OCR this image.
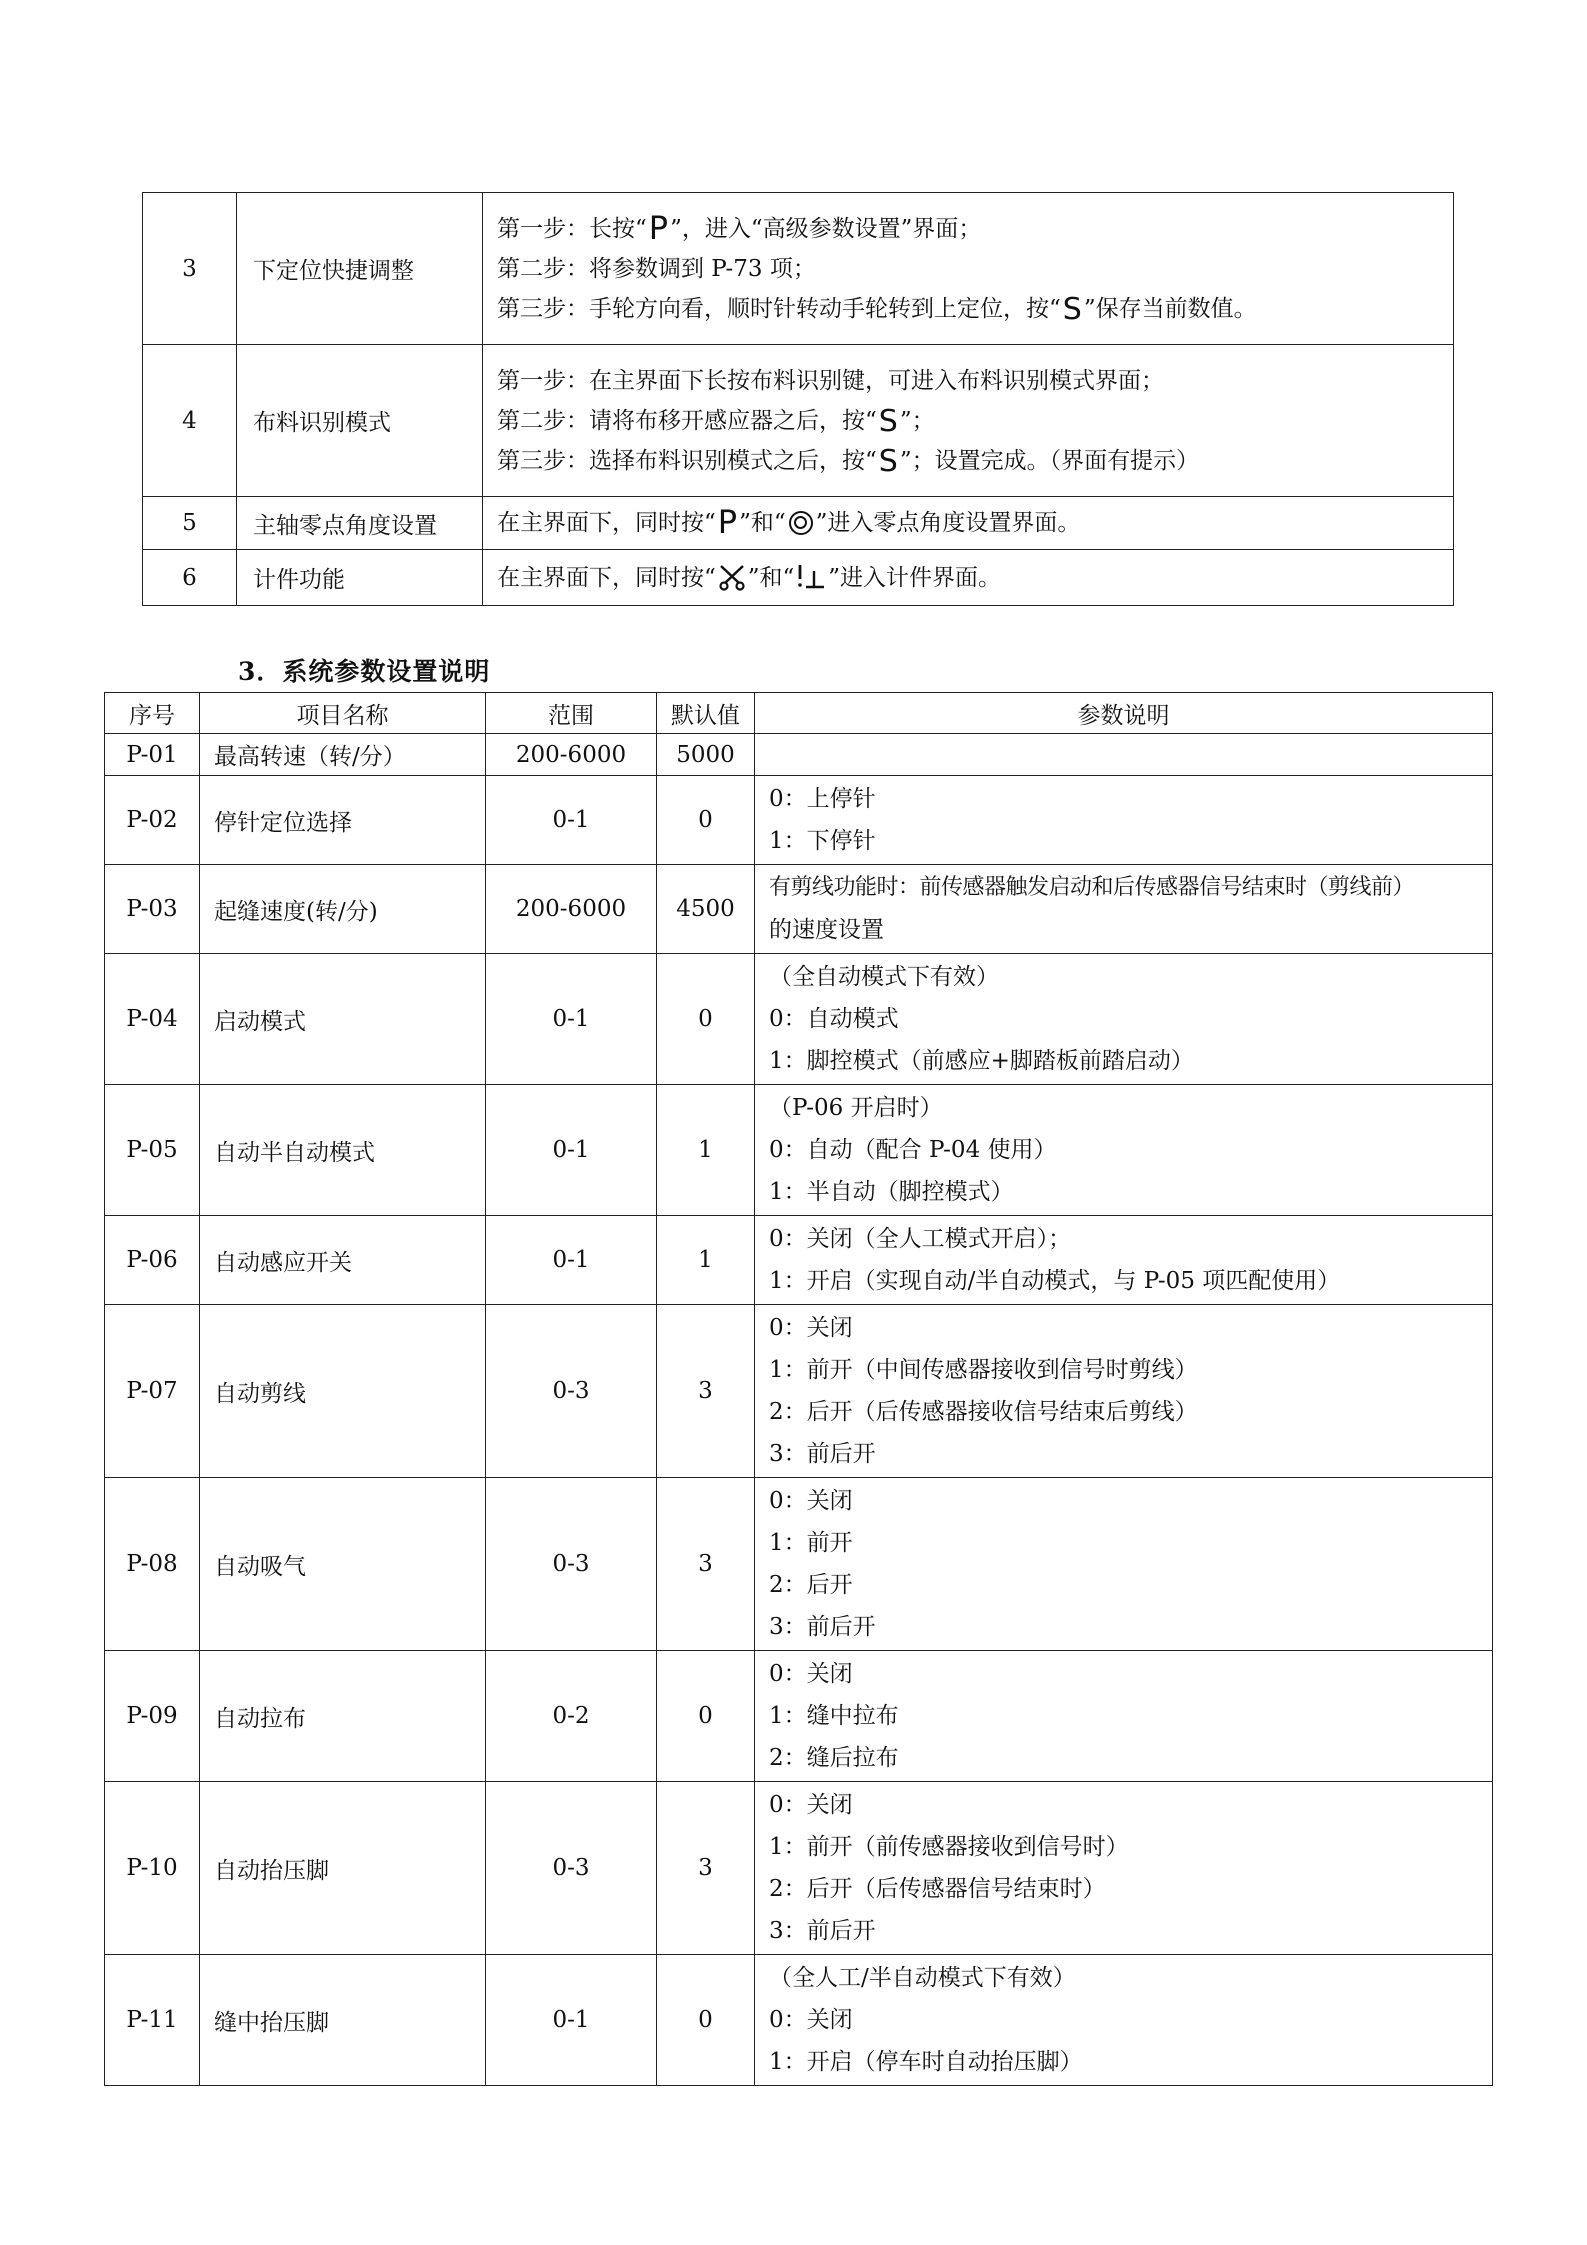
3	下定位快捷调整	第一步：长按“P”，进入“高级参数设置”界面；
第二步：将参数调到 P-73 项；
第三步：手轮方向看，顺时针转动手轮转到上定位，按“S”保存当前数值。

4	布料识别模式	第一步：在主界面下长按布料识别键，可进入布料识别模式界面；
第二步：请将布移开感应器之后，按“S”；
第三步：选择布料识别模式之后，按“S”；设置完成。（界面有提示）

5	主轴零点角度设置	在主界面下，同时按“P”和“ ”进入零点角度设置界面。

6	计件功能	在主界面下，同时按“ ”和“ ”进入计件界面。
3．系统参数设置说明
序号	项目名称	范围	默认值	参数说明
P-01	最高转速（转/分）	200-6000	5000	
P-02	停针定位选择	0-1	0	0：上停针
1：下停针

P-03	起缝速度(转/分)	200-6000	4500	有剪线功能时：前传感器触发启动和后传感器信号结束时（剪线前）
的速度设置

P-04	启动模式	0-1	0	（全自动模式下有效）
0：自动模式
1：脚控模式（前感应+脚踏板前踏启动）

P-05	自动半自动模式	0-1	1	（P-06 开启时）
0：自动（配合 P-04 使用）
1：半自动（脚控模式）

P-06	自动感应开关	0-1	1	0：关闭（全人工模式开启）；
1：开启（实现自动/半自动模式，与 P-05 项匹配使用）

P-07	自动剪线	0-3	3	0：关闭
1：前开（中间传感器接收到信号时剪线）
2：后开（后传感器接收信号结束后剪线）
3：前后开

P-08	自动吸气	0-3	3	0：关闭
1：前开
2：后开
3：前后开

P-09	自动拉布	0-2	0	0：关闭
1：缝中拉布
2：缝后拉布

P-10	自动抬压脚	0-3	3	0：关闭
1：前开（前传感器接收到信号时）
2：后开（后传感器信号结束时）
3：前后开

P-11	缝中抬压脚	0-1	0	（全人工/半自动模式下有效）
0：关闭
1：开启（停车时自动抬压脚）
